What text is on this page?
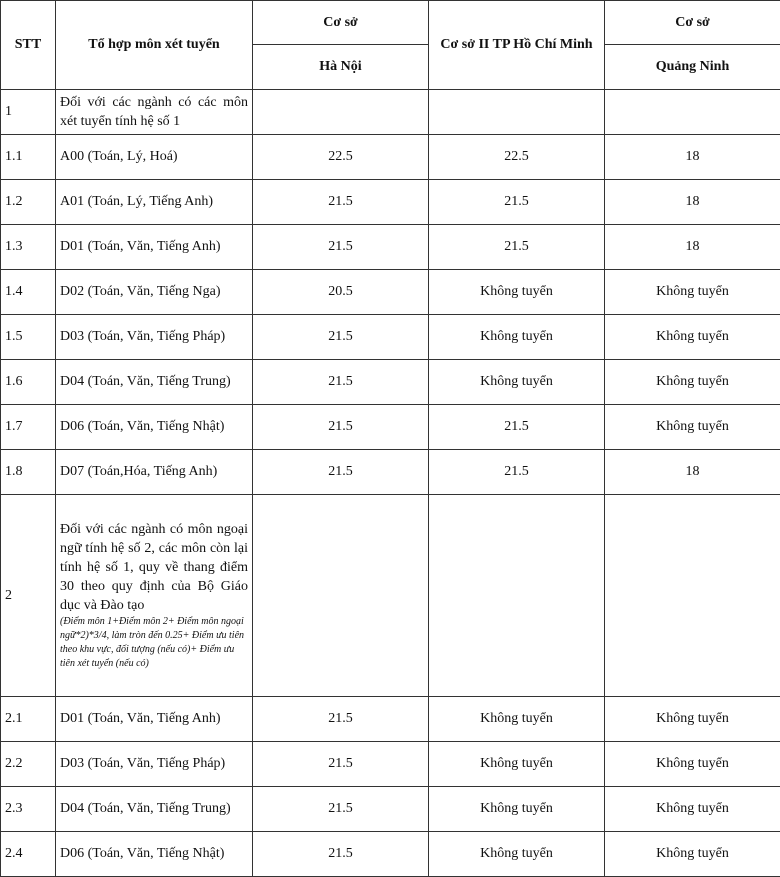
STT	Tổ hợp môn xét tuyển	Cơ sở	Cơ sở II TP Hồ Chí Minh	Cơ sở
		Hà Nội		Quảng Ninh
1	Đối với các ngành có các môn xét tuyển tính hệ số 1			
1.1	A00 (Toán, Lý, Hoá)	22.5	22.5	18
1.2	A01 (Toán, Lý, Tiếng Anh)	21.5	21.5	18
1.3	D01 (Toán, Văn, Tiếng Anh)	21.5	21.5	18
1.4	D02 (Toán, Văn, Tiếng Nga)	20.5	Không tuyển	Không tuyển
1.5	D03 (Toán, Văn, Tiếng Pháp)	21.5	Không tuyển	Không tuyển
1.6	D04 (Toán, Văn, Tiếng Trung)	21.5	Không tuyển	Không tuyển
1.7	D06 (Toán, Văn, Tiếng Nhật)	21.5	21.5	Không tuyển
1.8	D07 (Toán,Hóa, Tiếng Anh)	21.5	21.5	18
2	Đối với các ngành có môn ngoại ngữ tính hệ số 2, các môn còn lại tính hệ số 1, quy về thang điểm 30 theo quy định của Bộ Giáo dục và Đào tạo
(Điểm môn 1+Điểm môn 2+ Điểm môn ngoại ngữ*2)*3/4, làm tròn đến 0.25+ Điểm ưu tiên theo khu vực, đối tượng (nếu có)+ Điểm ưu tiên xét tuyển (nếu có)			

2.1	D01 (Toán, Văn, Tiếng Anh)	21.5	Không tuyển	Không tuyển
2.2	D03 (Toán, Văn, Tiếng Pháp)	21.5	Không tuyển	Không tuyển
2.3	D04 (Toán, Văn, Tiếng Trung)	21.5	Không tuyển	Không tuyển
2.4	D06 (Toán, Văn, Tiếng Nhật)	21.5	Không tuyển	Không tuyển
